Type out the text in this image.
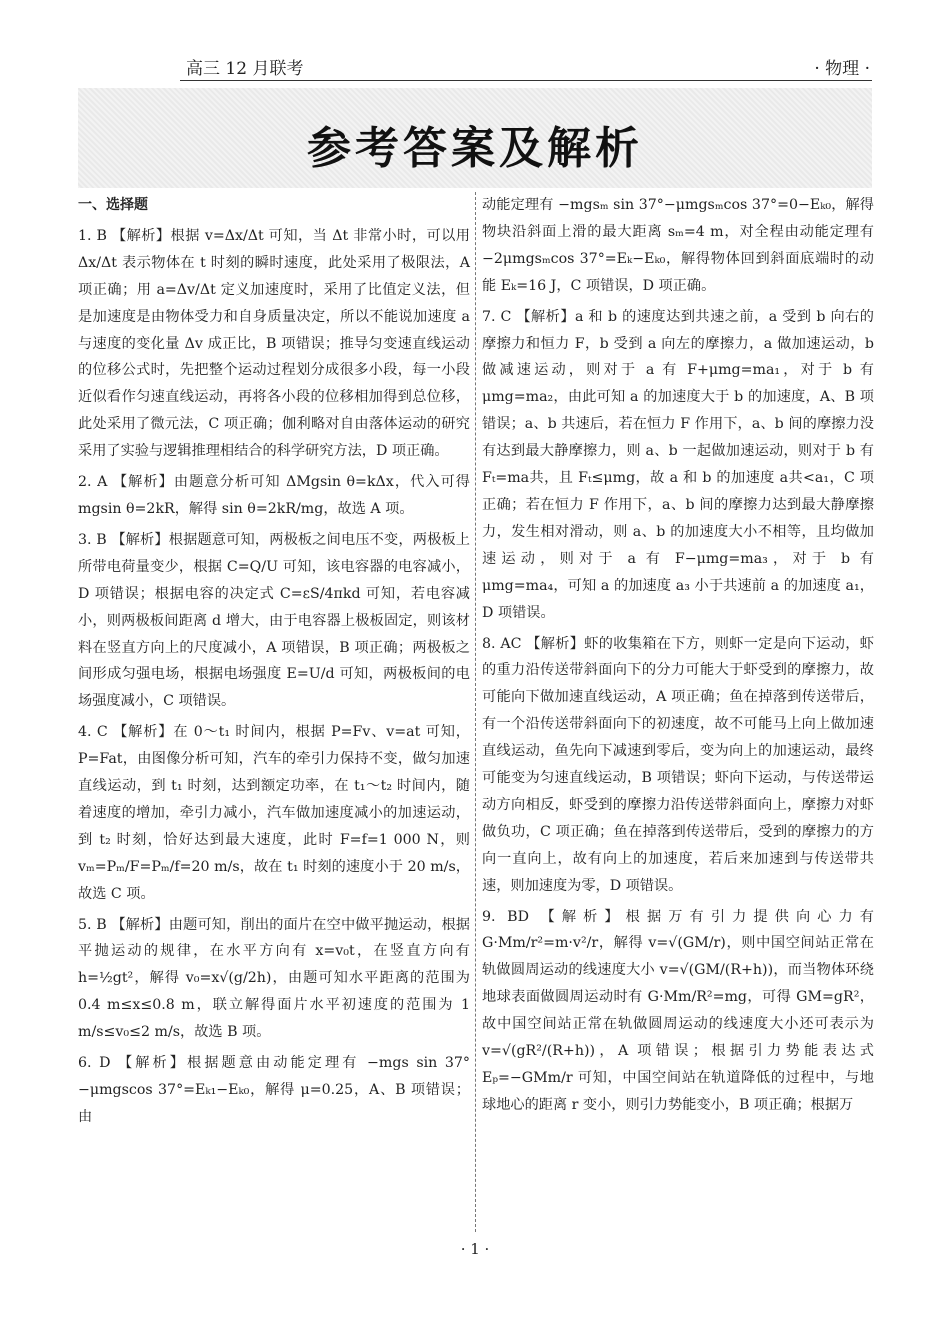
高三 12 月联考	· 物理 ·
参考答案及解析
一、选择题

1. B 【解析】根据 v=Δx/Δt 可知，当 Δt 非常小时，可以用 Δx/Δt 表示物体在 t 时刻的瞬时速度，此处采用了极限法，A 项正确；用 a=Δv/Δt 定义加速度时，采用了比值定义法，但是加速度是由物体受力和自身质量决定，所以不能说加速度 a 与速度的变化量 Δv 成正比，B 项错误；推导匀变速直线运动的位移公式时，先把整个运动过程划分成很多小段，每一小段近似看作匀速直线运动，再将各小段的位移相加得到总位移，此处采用了微元法，C 项正确；伽利略对自由落体运动的研究采用了实验与逻辑推理相结合的科学研究方法，D 项正确。

2. A 【解析】由题意分析可知 ΔMgsin θ=kΔx，代入可得 mgsin θ=2kR，解得 sin θ=2kR/mg，故选 A 项。

3. B 【解析】根据题意可知，两极板之间电压不变，两极板上所带电荷量变少，根据 C=Q/U 可知，该电容器的电容减小，D 项错误；根据电容的决定式 C=εS/4πkd 可知，若电容减小，则两极板间距离 d 增大，由于电容器上极板固定，则该材料在竖直方向上的尺度减小，A 项错误，B 项正确；两极板之间形成匀强电场，根据电场强度 E=U/d 可知，两极板间的电场强度减小，C 项错误。

4. C 【解析】在 0～t₁ 时间内，根据 P=Fv、v=at 可知，P=Fat，由图像分析可知，汽车的牵引力保持不变，做匀加速直线运动，到 t₁ 时刻，达到额定功率，在 t₁～t₂ 时间内，随着速度的增加，牵引力减小，汽车做加速度减小的加速运动，到 t₂ 时刻，恰好达到最大速度，此时 F=f=1 000 N，则 vₘ=Pₘ/F=Pₘ/f=20 m/s，故在 t₁ 时刻的速度小于 20 m/s，故选 C 项。

5. B 【解析】由题可知，削出的面片在空中做平抛运动，根据平抛运动的规律，在水平方向有 x=v₀t，在竖直方向有 h=½gt²，解得 v₀=x√(g/2h)，由题可知水平距离的范围为 0.4 m≤x≤0.8 m，联立解得面片水平初速度的范围为 1 m/s≤v₀≤2 m/s，故选 B 项。

6. D 【解析】根据题意由动能定理有 −mgs sin 37°−μmgscos 37°=Eₖ₁−Eₖ₀，解得 μ=0.25，A、B 项错误；由

动能定理有 −mgsₘ sin 37°−μmgsₘcos 37°=0−Eₖ₀，解得物块沿斜面上滑的最大距离 sₘ=4 m，对全程由动能定理有 −2μmgsₘcos 37°=Eₖ−Eₖ₀，解得物体回到斜面底端时的动能 Eₖ=16 J，C 项错误，D 项正确。

7. C 【解析】a 和 b 的速度达到共速之前，a 受到 b 向右的摩擦力和恒力 F，b 受到 a 向左的摩擦力，a 做加速运动，b 做减速运动，则对于 a 有 F+μmg=ma₁，对于 b 有 μmg=ma₂，由此可知 a 的加速度大于 b 的加速度，A、B 项错误；a、b 共速后，若在恒力 F 作用下，a、b 间的摩擦力没有达到最大静摩擦力，则 a、b 一起做加速运动，则对于 b 有 Fₜ=ma共，且 Fₜ≤μmg，故 a 和 b 的加速度 a共<a₁，C 项正确；若在恒力 F 作用下，a、b 间的摩擦力达到最大静摩擦力，发生相对滑动，则 a、b 的加速度大小不相等，且均做加速运动，则对于 a 有 F−μmg=ma₃，对于 b 有 μmg=ma₄，可知 a 的加速度 a₃ 小于共速前 a 的加速度 a₁，D 项错误。

8. AC 【解析】虾的收集箱在下方，则虾一定是向下运动，虾的重力沿传送带斜面向下的分力可能大于虾受到的摩擦力，故可能向下做加速直线运动，A 项正确；鱼在掉落到传送带后，有一个沿传送带斜面向下的初速度，故不可能马上向上做加速直线运动，鱼先向下减速到零后，变为向上的加速运动，最终可能变为匀速直线运动，B 项错误；虾向下运动，与传送带运动方向相反，虾受到的摩擦力沿传送带斜面向上，摩擦力对虾做负功，C 项正确；鱼在掉落到传送带后，受到的摩擦力的方向一直向上，故有向上的加速度，若后来加速到与传送带共速，则加速度为零，D 项错误。

9. BD 【解析】根据万有引力提供向心力有 G·Mm/r²=m·v²/r，解得 v=√(GM/r)，则中国空间站正常在轨做圆周运动的线速度大小 v=√(GM/(R+h))，而当物体环绕地球表面做圆周运动时有 G·Mm/R²=mg，可得 GM=gR²，故中国空间站正常在轨做圆周运动的线速度大小还可表示为 v=√(gR²/(R+h))，A 项错误；根据引力势能表达式 Eₚ=−GMm/r 可知，中国空间站在轨道降低的过程中，与地球地心的距离 r 变小，则引力势能变小，B 项正确；根据万

· 1 ·
